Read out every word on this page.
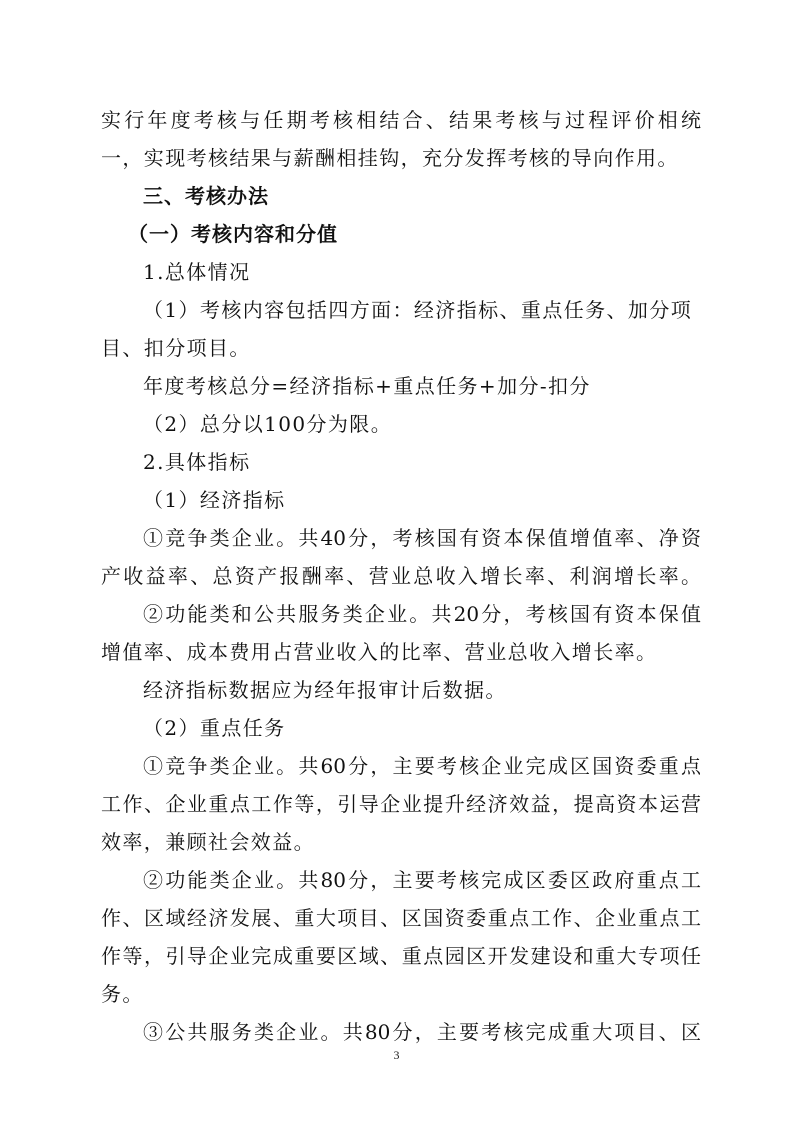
实行年度考核与任期考核相结合、结果考核与过程评价相统
一，实现考核结果与薪酬相挂钩，充分发挥考核的导向作用。
三、考核办法
（一）考核内容和分值
1.总体情况
（1）考核内容包括四方面：经济指标、重点任务、加分项
目、扣分项目。
年度考核总分=经济指标+重点任务+加分-扣分
（2）总分以100分为限。
2.具体指标
（1）经济指标
①竞争类企业。共40分，考核国有资本保值增值率、净资
产收益率、总资产报酬率、营业总收入增长率、利润增长率。
②功能类和公共服务类企业。共20分，考核国有资本保值
增值率、成本费用占营业收入的比率、营业总收入增长率。
经济指标数据应为经年报审计后数据。
（2）重点任务
①竞争类企业。共60分，主要考核企业完成区国资委重点
工作、企业重点工作等，引导企业提升经济效益，提高资本运营
效率，兼顾社会效益。
②功能类企业。共80分，主要考核完成区委区政府重点工
作、区域经济发展、重大项目、区国资委重点工作、企业重点工
作等，引导企业完成重要区域、重点园区开发建设和重大专项任
务。
③公共服务类企业。共80分，主要考核完成重大项目、区
3
